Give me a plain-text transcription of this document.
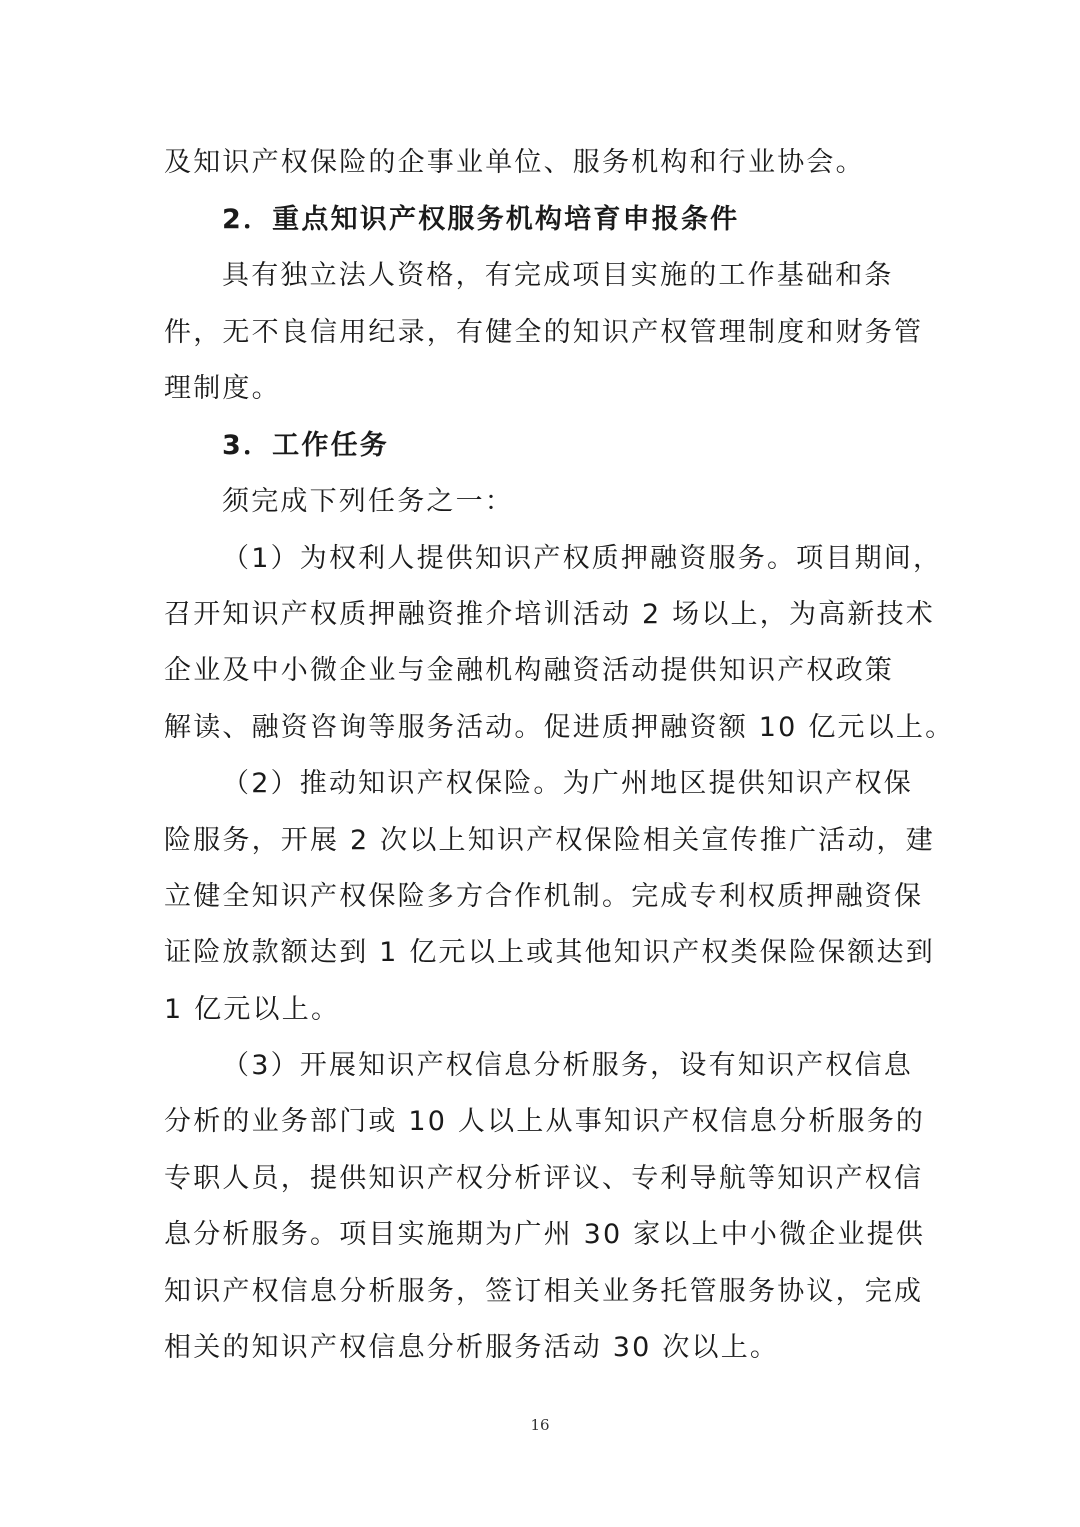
及知识产权保险的企事业单位、服务机构和行业协会。
2．重点知识产权服务机构培育申报条件
具有独立法人资格，有完成项目实施的工作基础和条
件，无不良信用纪录，有健全的知识产权管理制度和财务管
理制度。
3．工作任务
须完成下列任务之一：
（1）为权利人提供知识产权质押融资服务。项目期间，
召开知识产权质押融资推介培训活动 2 场以上，为高新技术
企业及中小微企业与金融机构融资活动提供知识产权政策
解读、融资咨询等服务活动。促进质押融资额 10 亿元以上。
（2）推动知识产权保险。为广州地区提供知识产权保
险服务，开展 2 次以上知识产权保险相关宣传推广活动，建
立健全知识产权保险多方合作机制。完成专利权质押融资保
证险放款额达到 1 亿元以上或其他知识产权类保险保额达到
1 亿元以上。
（3）开展知识产权信息分析服务，设有知识产权信息
分析的业务部门或 10 人以上从事知识产权信息分析服务的
专职人员，提供知识产权分析评议、专利导航等知识产权信
息分析服务。项目实施期为广州 30 家以上中小微企业提供
知识产权信息分析服务，签订相关业务托管服务协议，完成
相关的知识产权信息分析服务活动 30 次以上。
16
